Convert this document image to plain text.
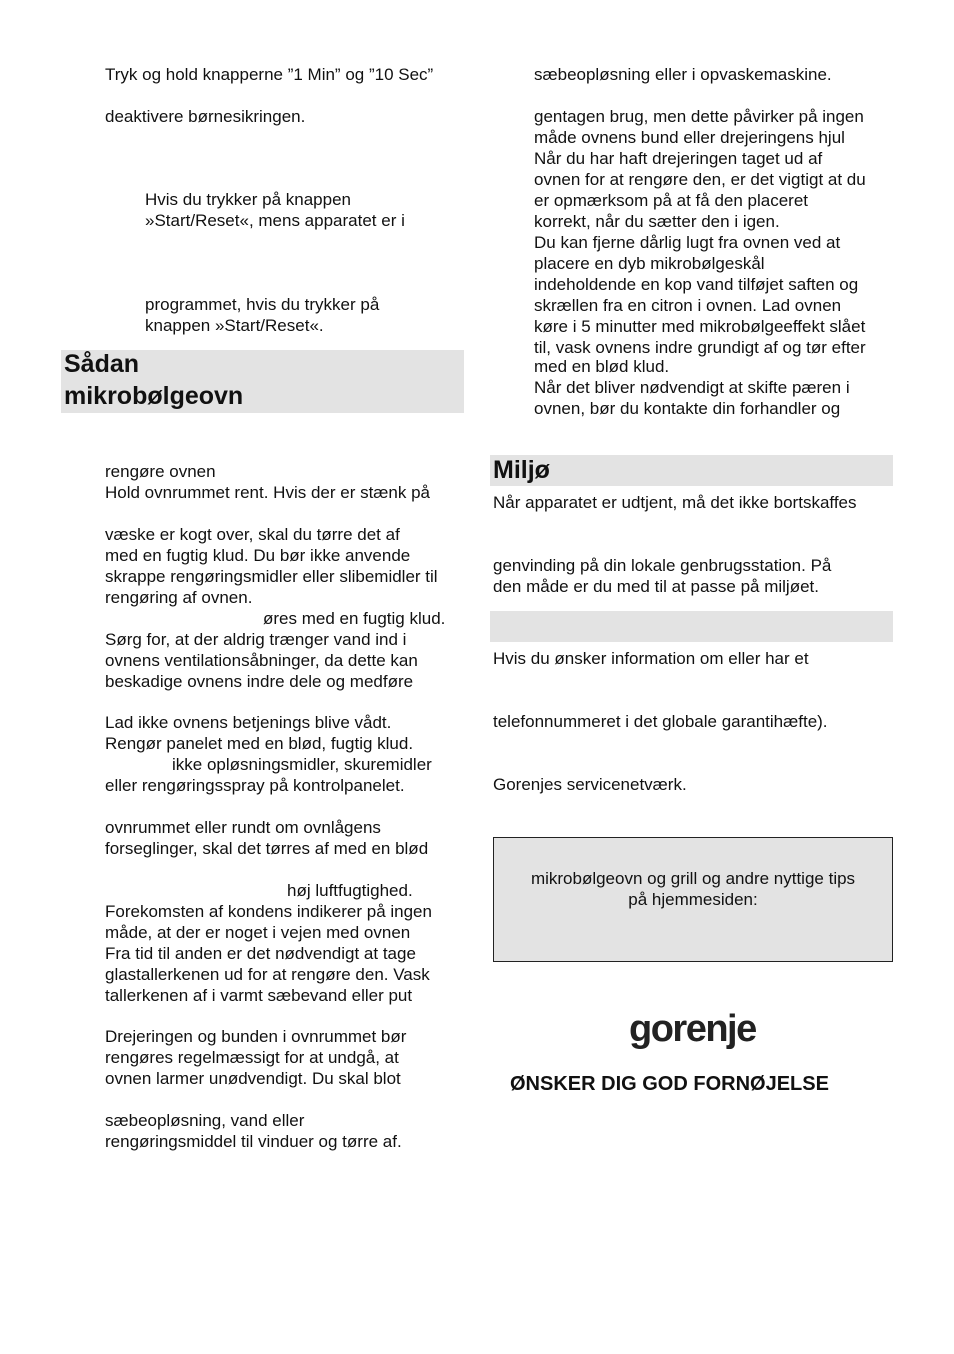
Tryk og hold knapperne ”1 Min” og ”10 Sec”
deaktivere børnesikringen.
Hvis du trykker på knappen
»Start/Reset«, mens apparatet er i
programmet, hvis du trykker på
knappen »Start/Reset«.
Sådan
mikrobølgeovn
rengøre ovnen
Hold ovnrummet rent. Hvis der er stænk på
væske er kogt over, skal du tørre det af
med en fugtig klud. Du bør ikke anvende
skrappe rengøringsmidler eller slibemidler til
rengøring af ovnen.
øres med en fugtig klud.
Sørg for, at der aldrig trænger vand ind i
ovnens ventilationsåbninger, da dette kan
beskadige ovnens indre dele og medføre
Lad ikke ovnens betjenings blive vådt.
Rengør panelet med en blød, fugtig klud.
ikke opløsningsmidler, skuremidler
eller rengøringsspray på kontrolpanelet.
ovnrummet eller rundt om ovnlågens
forseglinger, skal det tørres af med en blød
høj luftfugtighed.
Forekomsten af kondens indikerer på ingen
måde, at der er noget i vejen med ovnen
Fra tid til anden er det nødvendigt at tage
glastallerkenen ud for at rengøre den. Vask
tallerkenen af i varmt sæbevand eller put
Drejeringen og bunden i ovnrummet bør
rengøres regelmæssigt for at undgå, at
ovnen larmer unødvendigt. Du skal blot
sæbeopløsning, vand eller
rengøringsmiddel til vinduer og tørre af.
sæbeopløsning eller i opvaskemaskine.
gentagen brug, men dette påvirker på ingen
måde ovnens bund eller drejeringens hjul
Når du har haft drejeringen taget ud af
ovnen for at rengøre den, er det vigtigt at du
er opmærksom på at få den placeret
korrekt, når du sætter den i igen.
Du kan fjerne dårlig lugt fra ovnen ved at
placere en dyb mikrobølgeskål
indeholdende en kop vand tilføjet saften og
skrællen fra en citron i ovnen. Lad ovnen
køre i 5 minutter med mikrobølgeeffekt slået
til, vask ovnens indre grundigt af og tør efter
med en blød klud.
Når det bliver nødvendigt at skifte pæren i
ovnen, bør du kontakte din forhandler og
Miljø
Når apparatet er udtjent, må det ikke bortskaffes
genvinding på din lokale genbrugsstation. På
den måde er du med til at passe på miljøet.
Hvis du ønsker information om eller har et
telefonnummeret i det globale garantihæfte).
Gorenjes servicenetværk.
mikrobølgeovn og grill og andre nyttige tips
på hjemmesiden:
gorenje
ØNSKER DIG GOD FORNØJELSE
